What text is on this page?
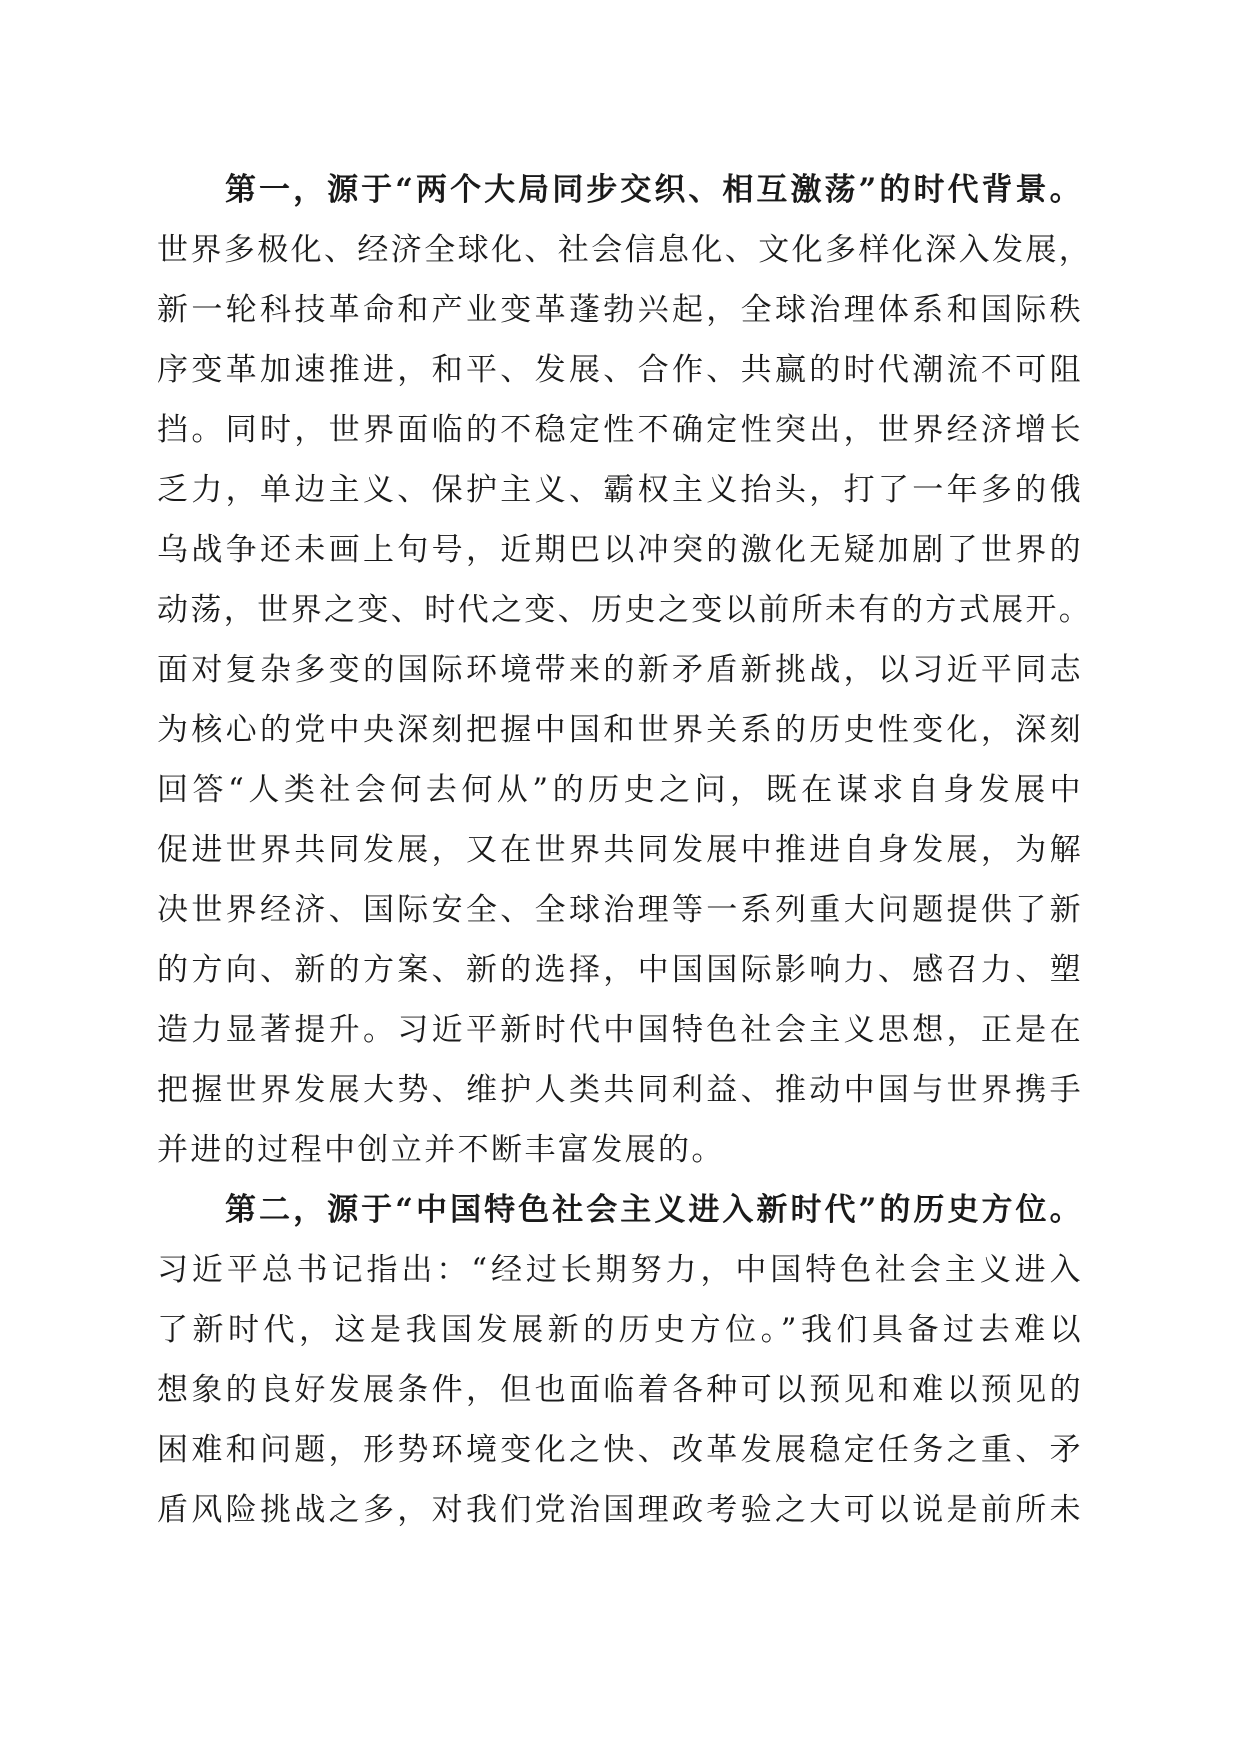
第一，源于“两个大局同步交织、相互激荡”的时代背景。
世界多极化、经济全球化、社会信息化、文化多样化深入发展，
新一轮科技革命和产业变革蓬勃兴起，全球治理体系和国际秩
序变革加速推进，和平、发展、合作、共赢的时代潮流不可阻
挡。同时，世界面临的不稳定性不确定性突出，世界经济增长
乏力，单边主义、保护主义、霸权主义抬头，打了一年多的俄
乌战争还未画上句号，近期巴以冲突的激化无疑加剧了世界的
动荡，世界之变、时代之变、历史之变以前所未有的方式展开。
面对复杂多变的国际环境带来的新矛盾新挑战，以习近平同志
为核心的党中央深刻把握中国和世界关系的历史性变化，深刻
回答“人类社会何去何从”的历史之问，既在谋求自身发展中
促进世界共同发展，又在世界共同发展中推进自身发展，为解
决世界经济、国际安全、全球治理等一系列重大问题提供了新
的方向、新的方案、新的选择，中国国际影响力、感召力、塑
造力显著提升。习近平新时代中国特色社会主义思想，正是在
把握世界发展大势、维护人类共同利益、推动中国与世界携手
并进的过程中创立并不断丰富发展的。
第二，源于“中国特色社会主义进入新时代”的历史方位。
习近平总书记指出：“经过长期努力，中国特色社会主义进入
了新时代，这是我国发展新的历史方位。”我们具备过去难以
想象的良好发展条件，但也面临着各种可以预见和难以预见的
困难和问题，形势环境变化之快、改革发展稳定任务之重、矛
盾风险挑战之多，对我们党治国理政考验之大可以说是前所未
